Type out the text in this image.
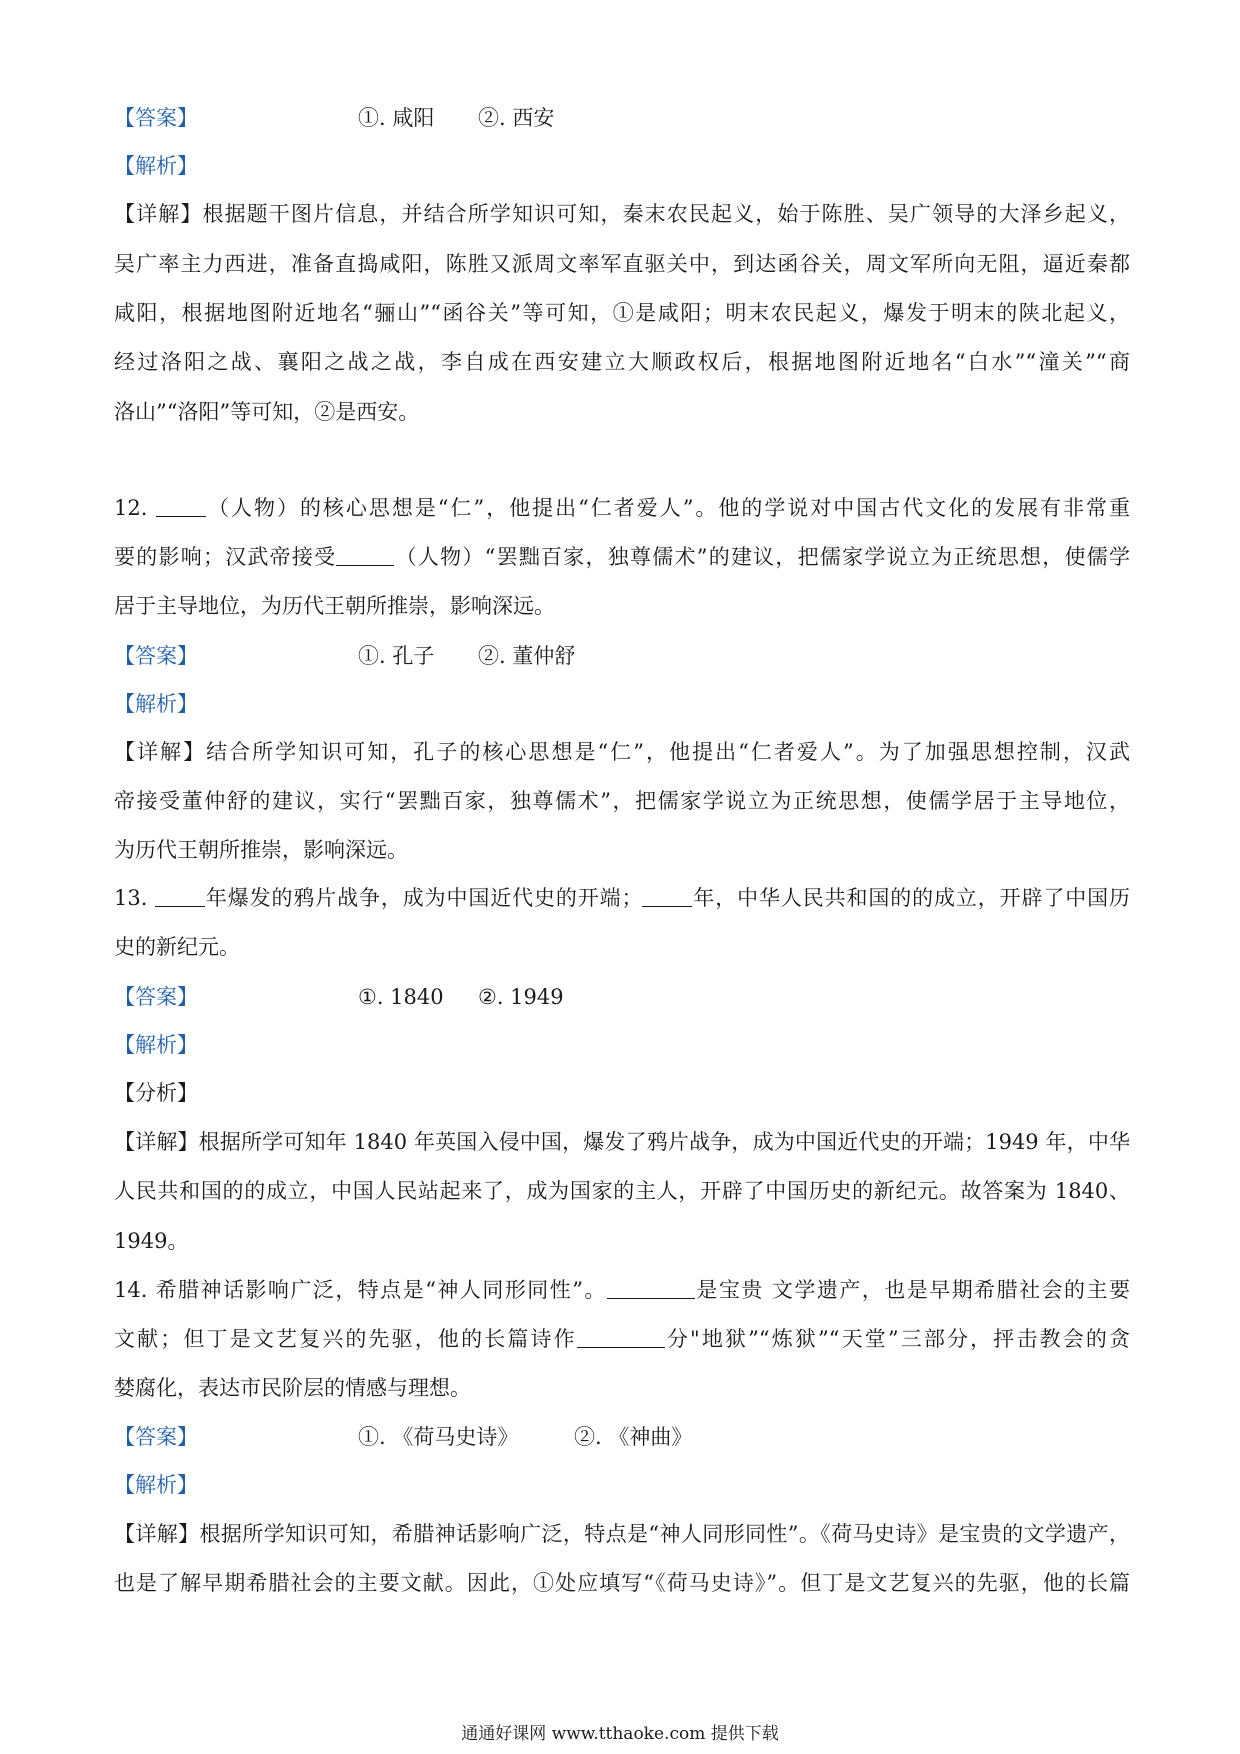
【答案】	①. 咸阳 ②. 西安
【解析】
【详解】根据题干图片信息，并结合所学知识可知，秦末农民起义，始于陈胜、吴广领导的大泽乡起义，
吴广率主力西进，准备直捣咸阳，陈胜又派周文率军直驱关中，到达函谷关，周文军所向无阻，逼近秦都
咸阳，根据地图附近地名“骊山”“函谷关”等可知，①是咸阳；明末农民起义，爆发于明末的陕北起义，
经过洛阳之战、襄阳之战之战，李自成在西安建立大顺政权后，根据地图附近地名“白水”“潼关”“商
洛山”“洛阳”等可知，②是西安。
12.	（人物）的核心思想是“仁”，他提出“仁者爱人”。他的学说对中国古代文化的发展有非常重
要的影响；汉武帝接受	（人物）“罢黜百家，独尊儒术”的建议，把儒家学说立为正统思想，使儒学
居于主导地位，为历代王朝所推崇，影响深远。
【答案】	①. 孔子 ②. 董仲舒
【解析】
【详解】结合所学知识可知，孔子的核心思想是“仁”，他提出“仁者爱人”。为了加强思想控制，汉武
帝接受董仲舒的建议，实行“罢黜百家，独尊儒术”，把儒家学说立为正统思想，使儒学居于主导地位，
为历代王朝所推崇，影响深远。
13.	年爆发的鸦片战争，成为中国近代史的开端； 年，中华人民共和国的的成立，开辟了中国历
史的新纪元。
【答案】	①. 1840 ②. 1949
【解析】
【分析】
【详解】根据所学可知年 1840 年英国入侵中国，爆发了鸦片战争，成为中国近代史的开端；1949 年，中华
人民共和国的的成立，中国人民站起来了，成为国家的主人，开辟了中国历史的新纪元。故答案为 1840、
1949。
14. 希腊神话影响广泛，特点是“神人同形同性”。	是宝贵 文学遗产，也是早期希腊社会的主要
文献；但丁是文艺复兴的先驱，他的长篇诗作	分"地狱”“炼狱”“天堂”三部分，抨击教会的贪
婪腐化，表达市民阶层的情感与理想。
【答案】	①. 《荷马史诗》	②. 《神曲》
【解析】
【详解】根据所学知识可知，希腊神话影响广泛，特点是“神人同形同性”。《荷马史诗》是宝贵的文学遗产，
也是了解早期希腊社会的主要文献。因此，①处应填写“《荷马史诗》”。但丁是文艺复兴的先驱，他的长篇
通通好课网 www.tthaoke.com 提供下载
